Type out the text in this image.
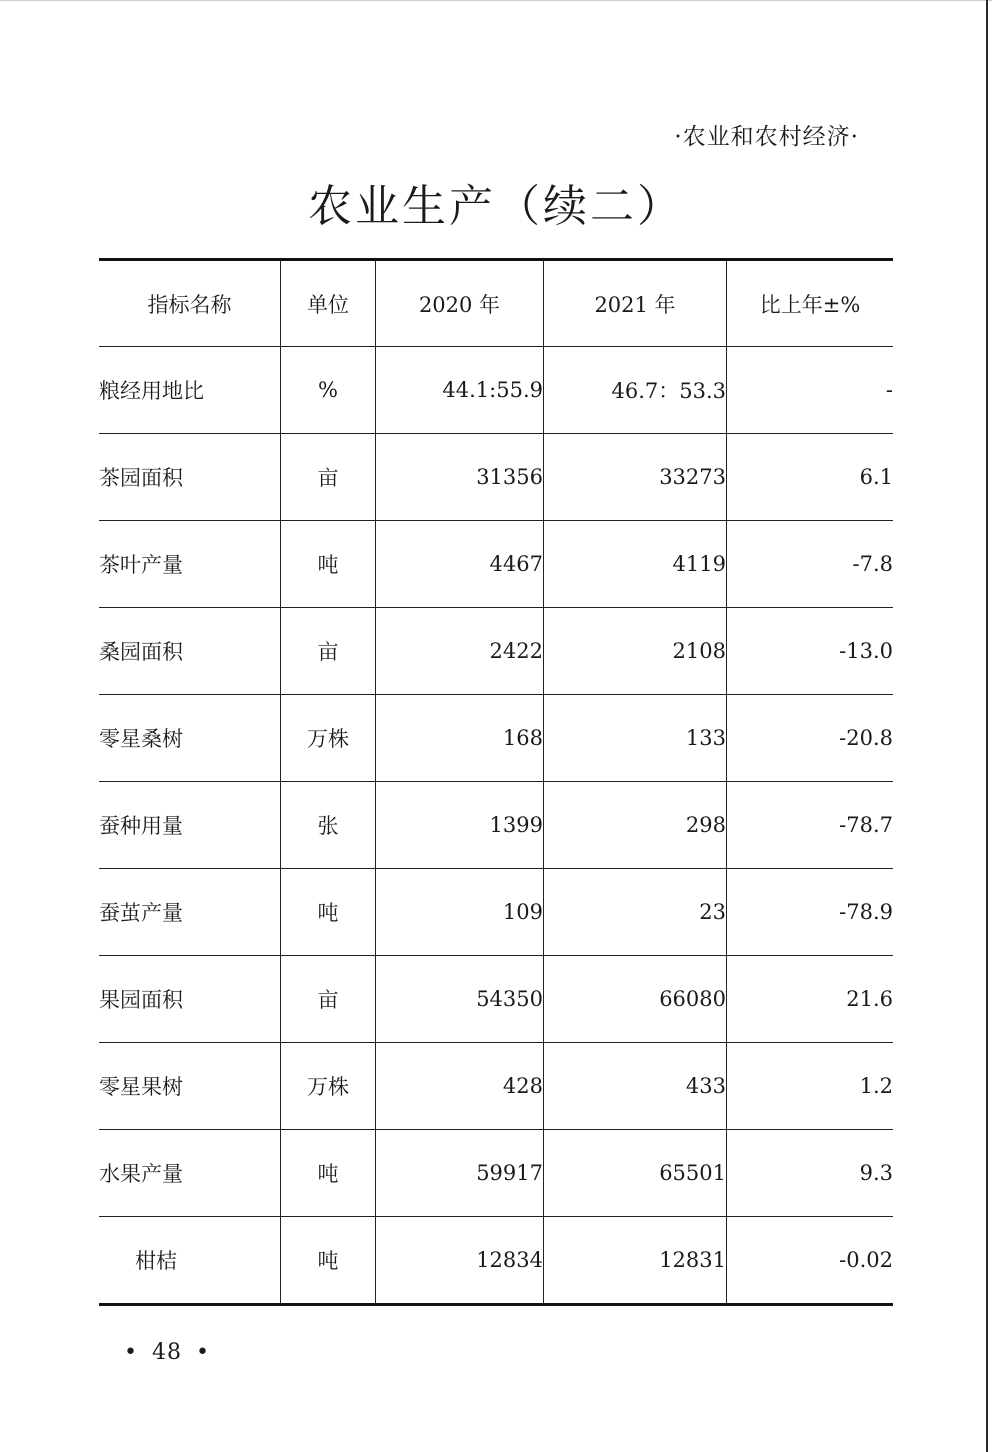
·农业和农村经济·
农业生产（续二）
指标名称	单位	2020 年	2021 年	比上年±%
粮经用地比	%	44.1:55.9	46.7：53.3	-
茶园面积	亩	31356	33273	6.1
茶叶产量	吨	4467	4119	-7.8
桑园面积	亩	2422	2108	-13.0
零星桑树	万株	168	133	-20.8
蚕种用量	张	1399	298	-78.7
蚕茧产量	吨	109	23	-78.9
果园面积	亩	54350	66080	21.6
零星果树	万株	428	433	1.2
水果产量	吨	59917	65501	9.3
柑桔	吨	12834	12831	-0.02
• 48 •
